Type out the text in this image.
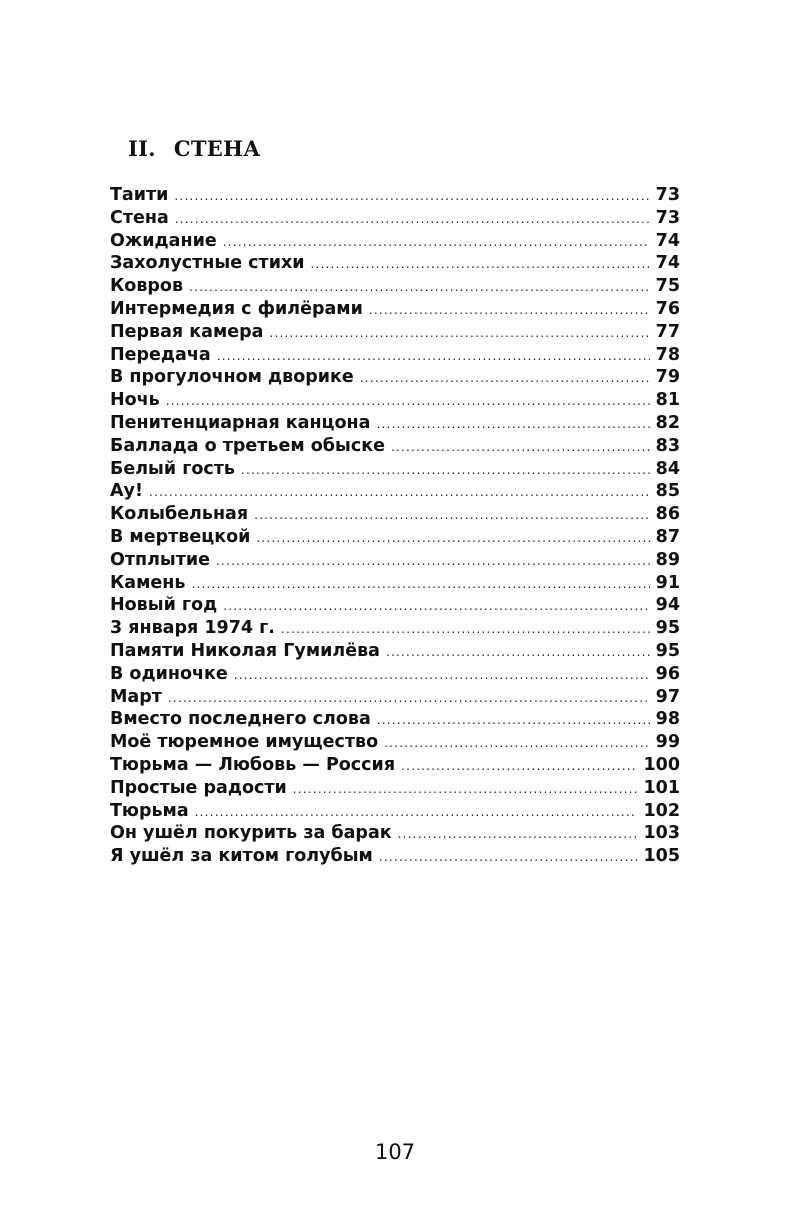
II. СТЕНА
Таити .....	73
Стена .....	73
Ожидание .....	74
Захолустные стихи .....	74
Ковров .....	75
Интермедия с филёрами .....	76
Первая камера .....	77
Передача .....	78
В прогулочном дворике .....	79
Ночь .....	81
Пенитенциарная канцона .....	82
Баллада о третьем обыске .....	83
Белый гость .....	84
Ау! .....	85
Колыбельная .....	86
В мертвецкой .....	87
Отплытие .....	89
Камень .....	91
Новый год .....	94
3 января 1974 г. .....	95
Памяти Николая Гумилёва .....	95
В одиночке .....	96
Март .....	97
Вместо последнего слова .....	98
Моё тюремное имущество .....	99
Тюрьма — Любовь — Россия .....	100
Простые радости .....	101
Тюрьма .....	102
Он ушёл покурить за барак .....	103
Я ушёл за китом голубым .....	105
107
